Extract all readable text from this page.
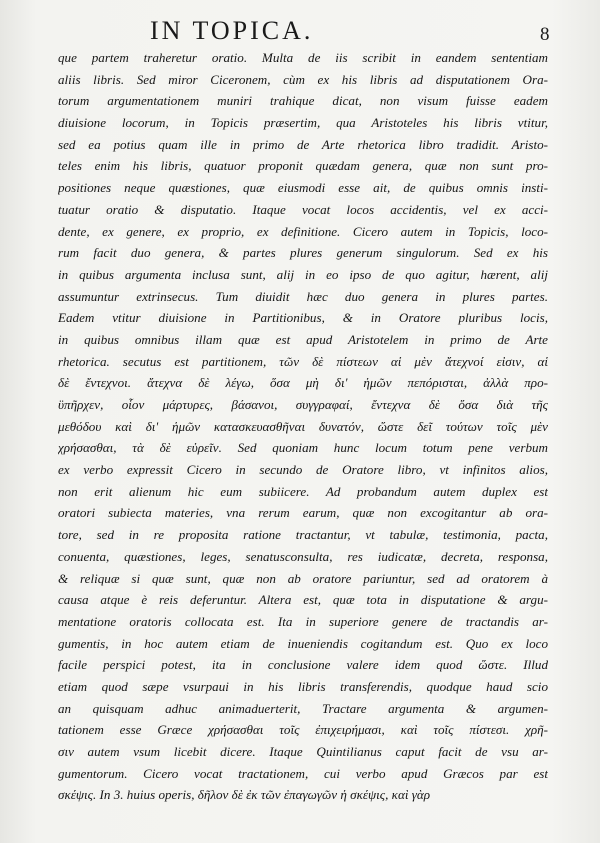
IN TOPICA.	8
que partem traheretur oratio. Multa de iis scribit in eandem sententiam
aliis libris. Sed miror Ciceronem, cùm ex his libris ad disputationem Ora-
torum argumentationem muniri trahique dicat, non visum fuisse eadem
diuisione locorum, in Topicis præsertim, qua Aristoteles his libris vtitur,
sed ea potius quam ille in primo de Arte rhetorica libro tradidit. Aristo-
teles enim his libris, quatuor proponit quædam genera, quæ non sunt pro-
positiones neque quæstiones, quæ eiusmodi esse ait, de quibus omnis insti-
tuatur oratio & disputatio. Itaque vocat locos accidentis, vel ex acci-
dente, ex genere, ex proprio, ex definitione. Cicero autem in Topicis, loco-
rum facit duo genera, & partes plures generum singulorum. Sed ex his
in quibus argumenta inclusa sunt, alij in eo ipso de quo agitur, hærent, alij
assumuntur extrinsecus. Tum diuidit hæc duo genera in plures partes.
Eadem vtitur diuisione in Partitionibus, & in Oratore pluribus locis,
in quibus omnibus illam quæ est apud Aristotelem in primo de Arte
rhetorica. secutus est partitionem, τῶν δὲ πίστεων αἱ μὲν ἄτεχνοί εἰσιν, αἱ
δὲ ἔντεχνοι. ἄτεχνα δὲ λέγω, ὅσα μὴ δι' ἡμῶν πεπόρισται, ἀλλὰ προ-
ϋπῆρχεν, οἷον μάρτυρες, βάσανοι, συγγραφαί, ἔντεχνα δὲ ὅσα διὰ τῆς
μεθόδου καὶ δι' ἡμῶν κατασκευασθῆναι δυνατόν, ὥστε δεῖ τούτων τοῖς μὲν
χρήσασθαι, τὰ δὲ εὑρεῖν. Sed quoniam hunc locum totum pene verbum
ex verbo expressit Cicero in secundo de Oratore libro, vt infinitos alios,
non erit alienum hic eum subiicere. Ad probandum autem duplex est
oratori subiecta materies, vna rerum earum, quæ non excogitantur ab ora-
tore, sed in re proposita ratione tractantur, vt tabulæ, testimonia, pacta,
conuenta, quæstiones, leges, senatusconsulta, res iudicatæ, decreta, responsa,
& reliquæ si quæ sunt, quæ non ab oratore pariuntur, sed ad oratorem à
causa atque è reis deferuntur. Altera est, quæ tota in disputatione & argu-
mentatione oratoris collocata est. Ita in superiore genere de tractandis ar-
gumentis, in hoc autem etiam de inueniendis cogitandum est. Quo ex loco
facile perspici potest, ita in conclusione valere idem quod ὥστε. Illud
etiam quod sæpe vsurpaui in his libris transferendis, quodque haud scio
an quisquam adhuc animaduerterit, Tractare argumenta & argumen-
tationem esse Græce χρήσασθαι τοῖς ἐπιχειρήμασι, καὶ τοῖς πίστεσι. χρῆ-
σιν autem vsum licebit dicere. Itaque Quintilianus caput facit de vsu ar-
gumentorum. Cicero vocat tractationem, cui verbo apud Græcos par est
σκέψις. In 3. huius operis, δῆλον δὲ ἐκ τῶν ἐπαγωγῶν ἡ σκέψις, καὶ γὰρ
